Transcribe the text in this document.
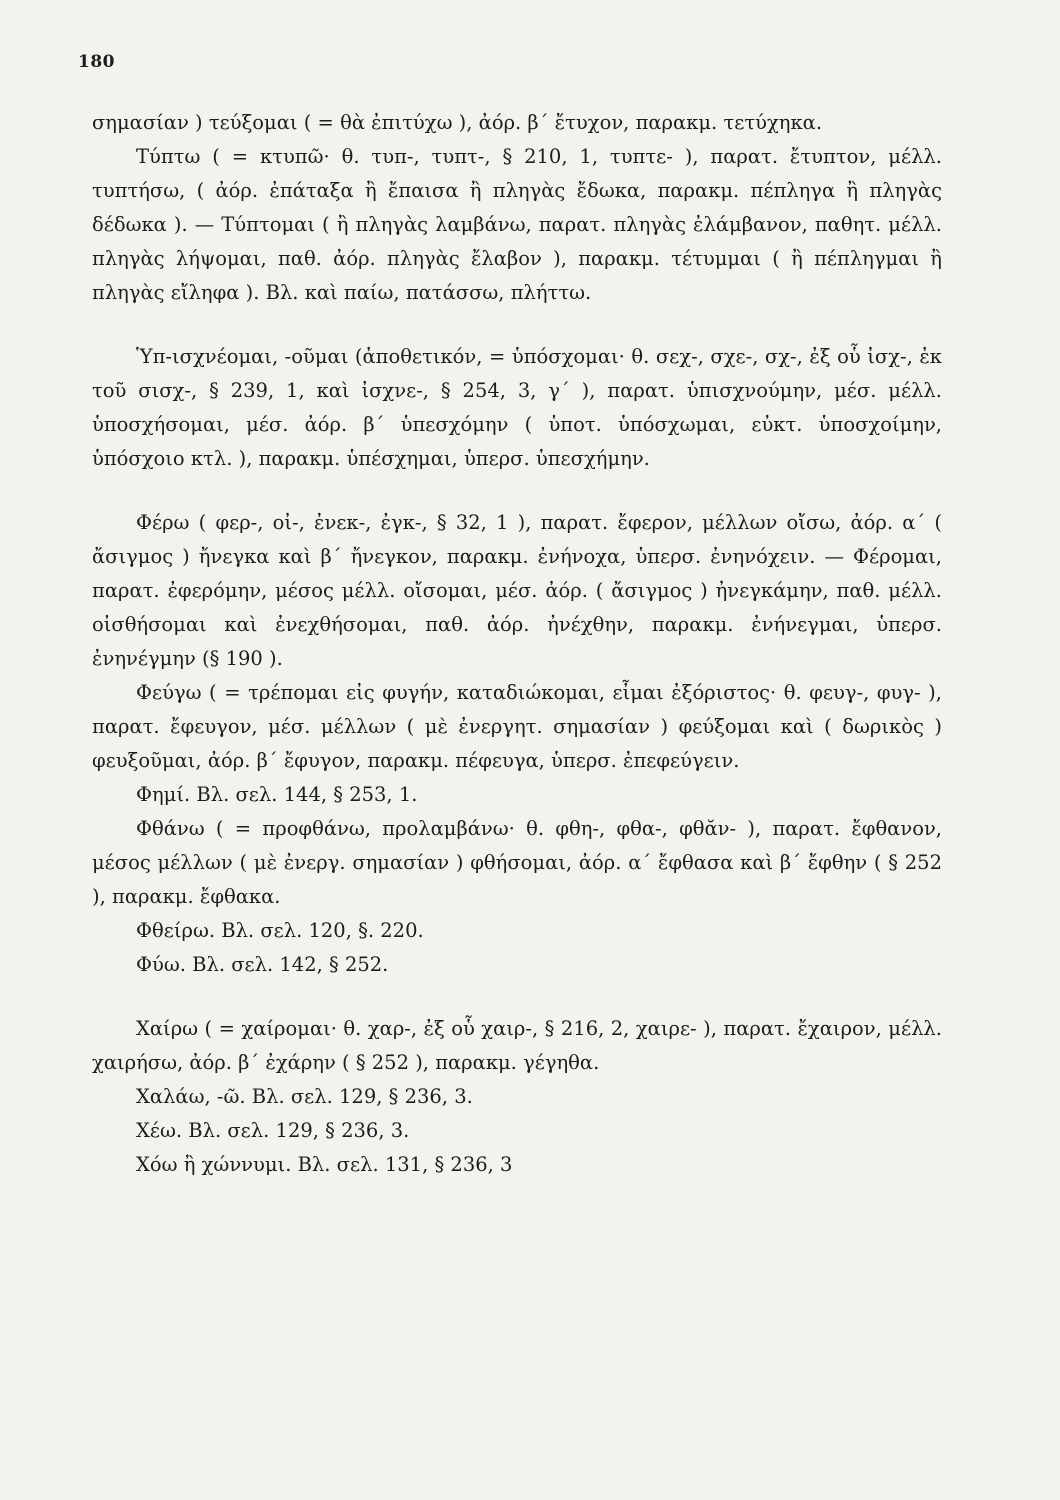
180

σημασίαν ) τεύξομαι ( = θὰ ἐπιτύχω ), ἀόρ. β΄ ἔτυχον, παρακμ. τετύχηκα.

Τύπτω ( = κτυπῶ· θ. τυπ-, τυπτ-, § 210, 1, τυπτε- ), παρατ. ἔτυπτον, μέλλ. τυπτήσω, ( ἀόρ. ἐπάταξα ἢ ἔπαισα ἢ πληγὰς ἔδωκα, παρακμ. πέπληγα ἢ πληγὰς δέδωκα ). — Τύπτομαι ( ἢ πληγὰς λαμβάνω, παρατ. πληγὰς ἐλάμβανον, παθητ. μέλλ. πληγὰς λήψομαι, παθ. ἀόρ. πληγὰς ἔλαβον ), παρακμ. τέτυμμαι ( ἢ πέπληγμαι ἢ πληγὰς εἴληφα ). Βλ. καὶ παίω, πατάσσω, πλήττω.

Ὑπ-ισχνέομαι, -οῦμαι (ἀποθετικόν, = ὑπόσχομαι· θ. σεχ-, σχε-, σχ-, ἐξ οὗ ἰσχ-, ἐκ τοῦ σισχ-, § 239, 1, καὶ ἰσχνε-, § 254, 3, γ΄ ), παρατ. ὑπισχνούμην, μέσ. μέλλ. ὑποσχήσομαι, μέσ. ἀόρ. β΄ ὑπεσχόμην ( ὑποτ. ὑπόσχωμαι, εὐκτ. ὑποσχοίμην, ὑπόσχοιο κτλ. ), παρακμ. ὑπέσχημαι, ὑπερσ. ὑπεσχήμην.

Φέρω ( φερ-, οἰ-, ἐνεκ-, ἐγκ-, § 32, 1 ), παρατ. ἔφερον, μέλλων οἴσω, ἀόρ. α΄ ( ἄσιγμος ) ἤνεγκα καὶ β΄ ἤνεγκον, παρακμ. ἐνήνοχα, ὑπερσ. ἐνηνόχειν. — Φέρομαι, παρατ. ἐφερόμην, μέσος μέλλ. οἴσομαι, μέσ. ἀόρ. ( ἄσιγμος ) ἠνεγκάμην, παθ. μέλλ. οἰσθήσομαι καὶ ἐνεχθήσομαι, παθ. ἀόρ. ἠνέχθην, παρακμ. ἐνήνεγμαι, ὑπερσ. ἐνηνέγμην (§ 190 ).

Φεύγω ( = τρέπομαι εἰς φυγήν, καταδιώκομαι, εἶμαι ἐξόριστος· θ. φευγ-, φυγ- ), παρατ. ἔφευγον, μέσ. μέλλων ( μὲ ἐνεργητ. σημασίαν ) φεύξομαι καὶ ( δωρικὸς ) φευξοῦμαι, ἀόρ. β΄ ἔφυγον, παρακμ. πέφευγα, ὑπερσ. ἐπεφεύγειν.

Φημί. Βλ. σελ. 144, § 253, 1.

Φθάνω ( = προφθάνω, προλαμβάνω· θ. φθη-, φθα-, φθᾰν- ), παρατ. ἔφθανον, μέσος μέλλων ( μὲ ἐνεργ. σημασίαν ) φθήσομαι, ἀόρ. α΄ ἔφθασα καὶ β΄ ἔφθην ( § 252 ), παρακμ. ἔφθακα.

Φθείρω. Βλ. σελ. 120, §. 220.

Φύω. Βλ. σελ. 142, § 252.

Χαίρω ( = χαίρομαι· θ. χαρ-, ἐξ οὗ χαιρ-, § 216, 2, χαιρε- ), παρατ. ἔχαιρον, μέλλ. χαιρήσω, ἀόρ. β΄ ἐχάρην ( § 252 ), παρακμ. γέγηθα.

Χαλάω, -ῶ. Βλ. σελ. 129, § 236, 3.

Χέω. Βλ. σελ. 129, § 236, 3.

Χόω ἢ χώννυμι. Βλ. σελ. 131, § 236, 3
